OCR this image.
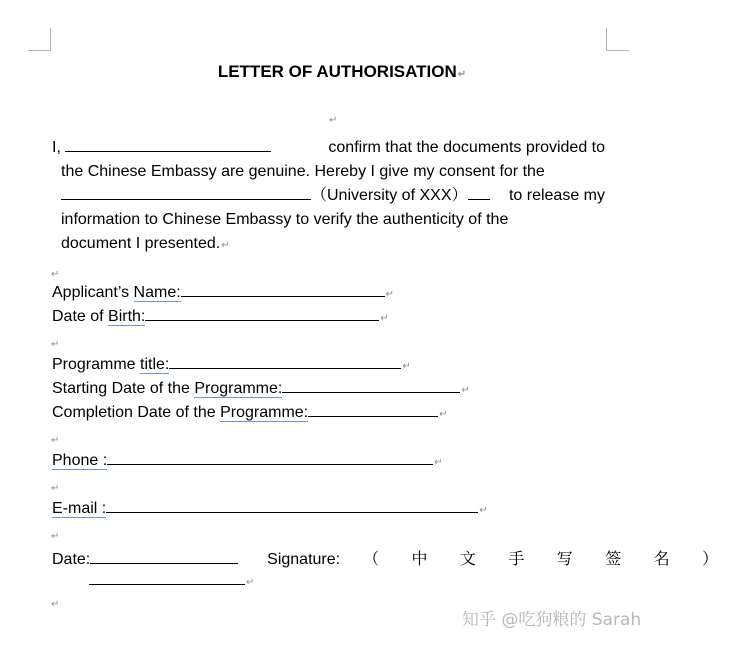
LETTER OF AUTHORISATION↵
↵
I,	confirm that the documents provided to
the Chinese Embassy are genuine. Hereby I give my consent for the
（University of XXX）	to release my
information to Chinese Embassy to verify the authenticity of the
document I presented.↵
↵
Applicant’s Name:	↵
Date of Birth:	↵
↵
Programme title:	↵
Starting Date of the Programme:	↵
Completion Date of the Programme:	↵
↵
Phone :	↵
↵
E-mail :	↵
↵
Date:	Signature: （ 中 文 手 写 签 名 ）
↵
↵
知乎 @吃狗粮的 Sarah
